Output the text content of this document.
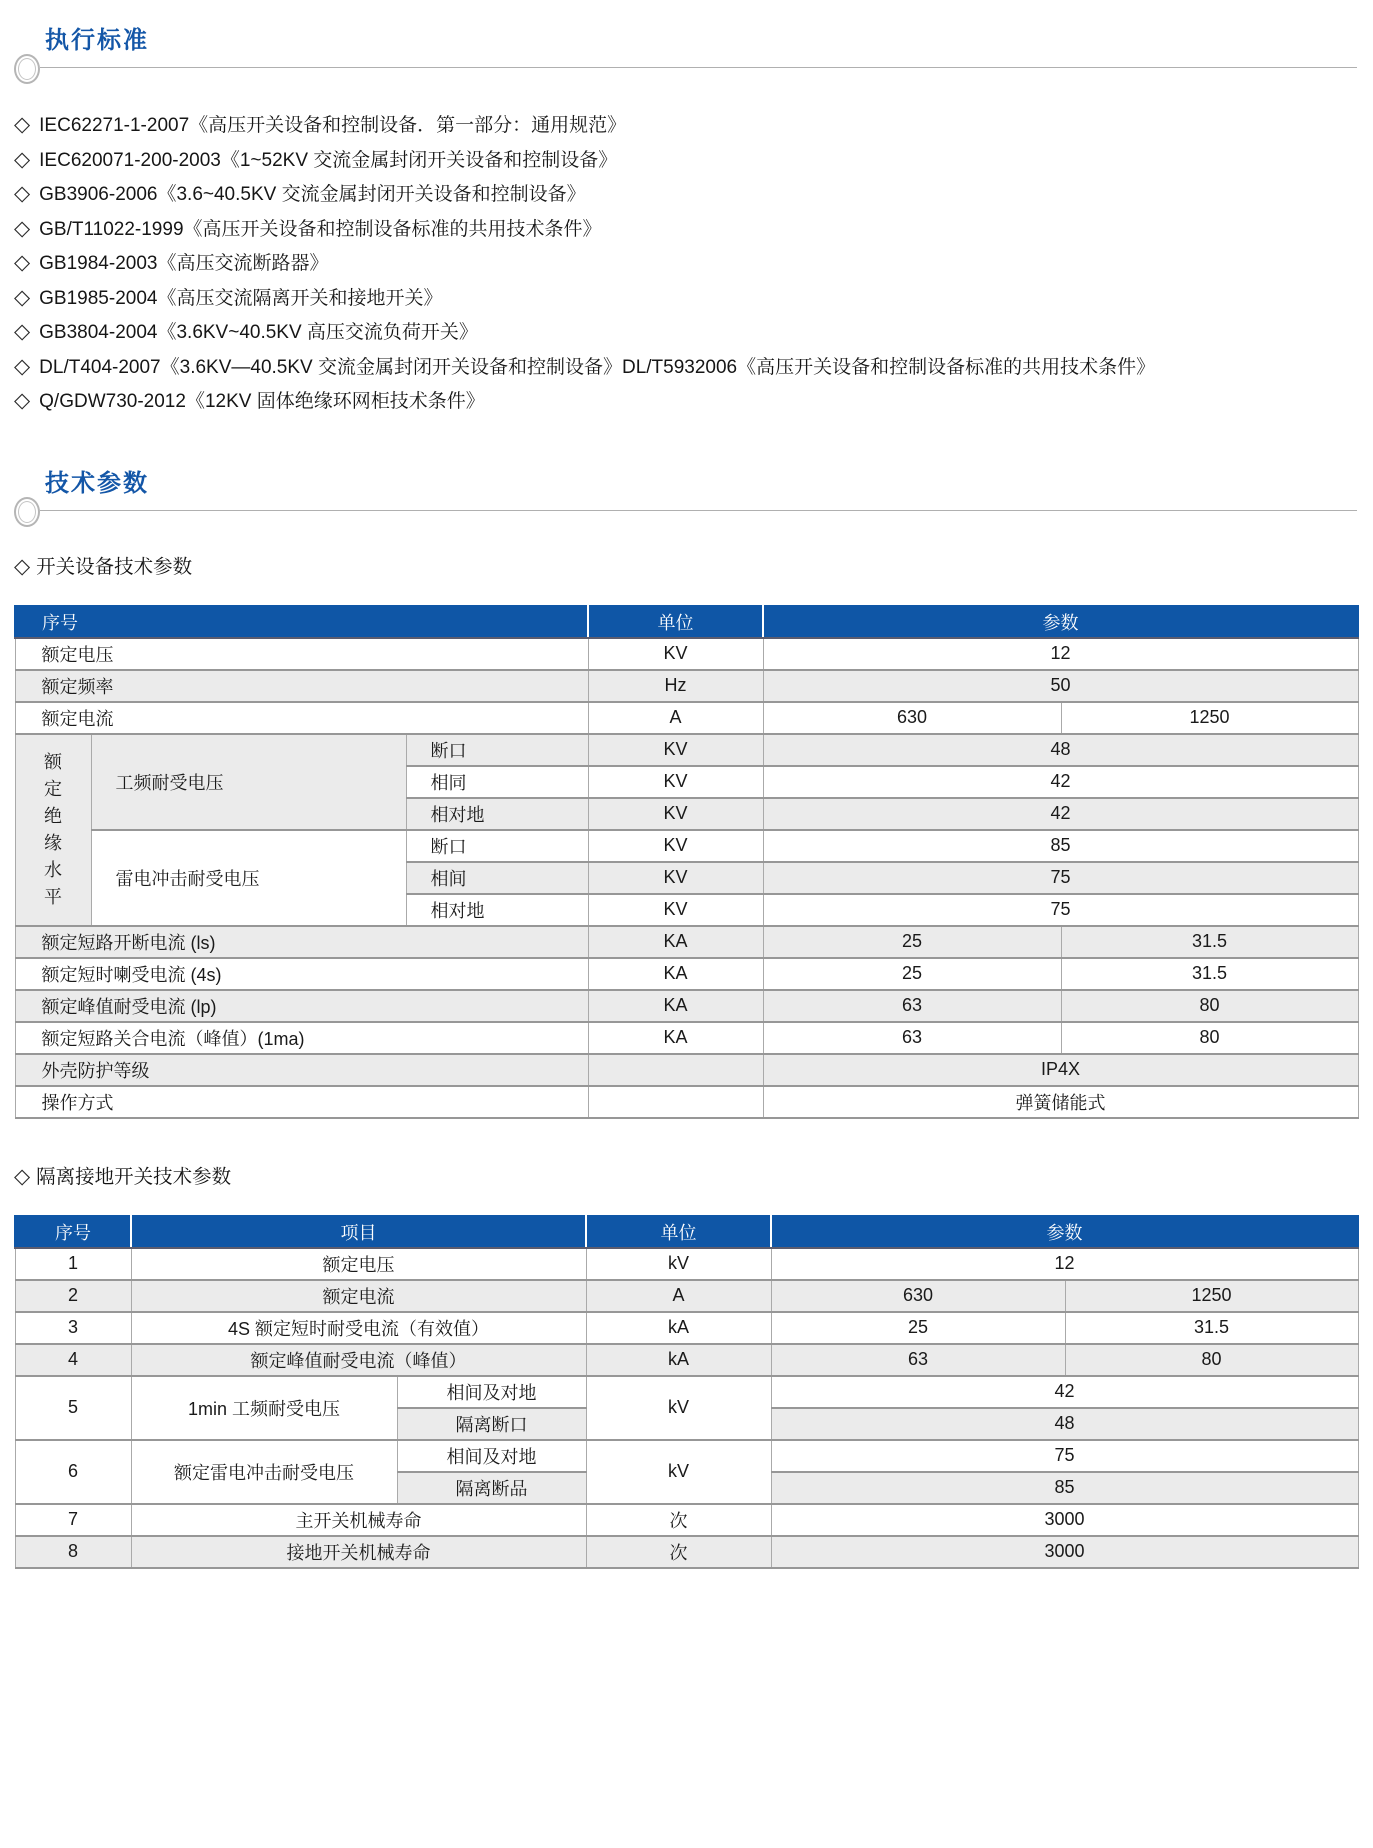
执行标准
◇ IEC62271-1-2007《高压开关设备和控制设备．第一部分：通用规范》
◇ IEC620071-200-2003《1~52KV 交流金属封闭开关设备和控制设备》
◇ GB3906-2006《3.6~40.5KV 交流金属封闭开关设备和控制设备》
◇ GB/T11022-1999《高压开关设备和控制设备标准的共用技术条件》
◇ GB1984-2003《高压交流断路器》
◇ GB1985-2004《高压交流隔离开关和接地开关》
◇ GB3804-2004《3.6KV~40.5KV 高压交流负荷开关》
◇ DL/T404-2007《3.6KV—40.5KV 交流金属封闭开关设备和控制设备》DL/T5932006《高压开关设备和控制设备标准的共用技术条件》
◇ Q/GDW730-2012《12KV 固体绝缘环网柜技术条件》
技术参数
◇ 开关设备技术参数
序号			单位	参数	
额定电压			KV	12	
额定频率			Hz	50	
额定电流			A	630	1250
额定绝缘水平	工频耐受电压	断口	KV	48	
		相同	KV	42	
		相对地	KV	42	
	雷电冲击耐受电压	断口	KV	85	
		相间	KV	75	
		相对地	KV	75	
额定短路开断电流 (ls)			KA	25	31.5
额定短时喇受电流 (4s)			KA	25	31.5
额定峰值耐受电流 (lp)			KA	63	80
额定短路关合电流（峰值）(1ma)			KA	63	80
外壳防护等级				IP4X	
操作方式				弹簧储能式	
◇ 隔离接地开关技术参数
序号	项目		单位	参数	
1	额定电压		kV	12	
2	额定电流		A	630	1250
3	4S 额定短时耐受电流（有效值）		kA	25	31.5
4	额定峰值耐受电流（峰值）		kA	63	80
5	1min 工频耐受电压	相间及对地	kV	42	
		隔离断口		48	
6	额定雷电冲击耐受电压	相间及对地	kV	75	
		隔离断品		85	
7	主开关机械寿命		次	3000	
8	接地开关机械寿命		次	3000	
